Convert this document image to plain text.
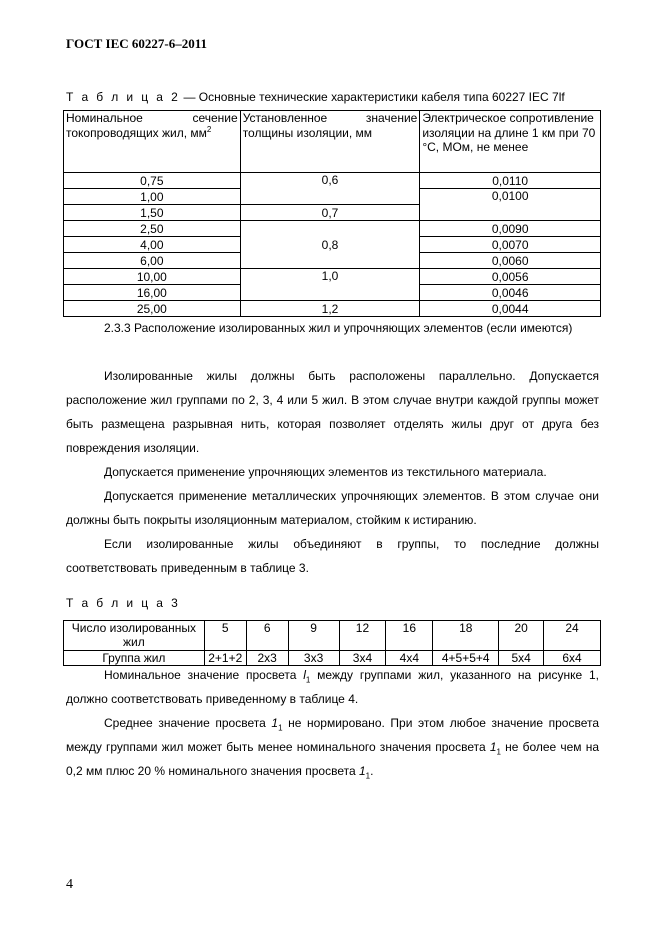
ГОСТ IEC 60227-6–2011
Т а б л и ц а 2 — Основные технические характеристики кабеля типа 60227 IEC 7lf
Номинальное сечение токопроводящих жил, $мм^2$	Установленное значение толщины изоляции, мм	Электрическое сопротивление изоляции на длине 1 км при 70 °С, МОм, не менее
0,75	0,6	0,0110
1,00		0,0100
1,50	0,7	
2,50	0,8	0,0090
4,00		0,0070
6,00		0,0060
10,00	1,0	0,0056
16,00		0,0046
25,00	1,2	0,0044

2.3.3 Расположение изолированных жил и упрочняющих элементов (если имеются)

Изолированные жилы должны быть расположены параллельно. Допускается расположение жил группами по 2, 3, 4 или 5 жил. В этом случае внутри каждой группы может быть размещена разрывная нить, которая позволяет отделять жилы друг от друга без повреждения изоляции.

Допускается применение упрочняющих элементов из текстильного материала.

Допускается применение металлических упрочняющих элементов. В этом случае они должны быть покрыты изоляционным материалом, стойким к истиранию.

Если изолированные жилы объединяют в группы, то последние должны соответствовать приведенным в таблице 3.

Т а б л и ц а 3
Число изолированных жил	5	6	9	12	16	18	20	24
Группа жил	2+1+2	2x3	3x3	3x4	4x4	4+5+5+4	5x4	6x4

Номинальное значение просвета $l_1$ между группами жил, указанного на рисунке 1, должно соответствовать приведенному в таблице 4.

Среднее значение просвета $1_1$ не нормировано. При этом любое значение просвета между группами жил может быть менее номинального значения просвета $1_1$ не более чем на 0,2 мм плюс 20 % номинального значения просвета $1_1$.

4
